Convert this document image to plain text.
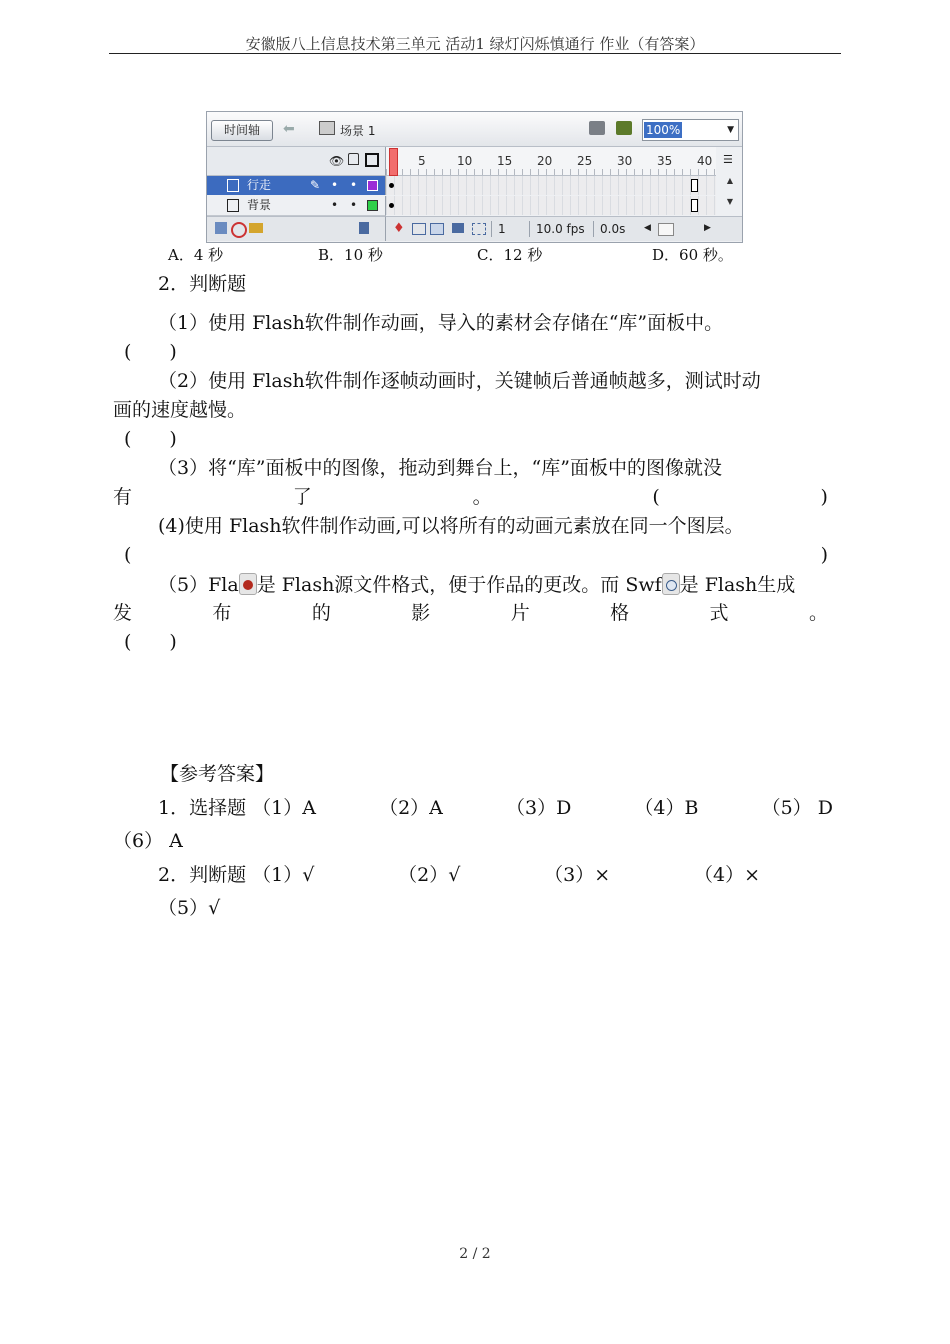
安徽版八上信息技术第三单元 活动1 绿灯闪烁慎通行 作业（有答案）
时间轴	⬅	场景 1	100%	▼
👁	5	10 15 20 25 30 35 40 ☰
行走	✎ • •
背景	• •
▲
▼
♦	1	10.0 fps	0.0s	◀	▶
A．4 秒	B．10 秒	C．12 秒	D．60 秒。
2．判断题
（1）使用 Flash软件制作动画，导入的素材会存储在“库”面板中。
(　　)
（2）使用 Flash软件制作逐帧动画时，关键帧后普通帧越多，测试时动
画的速度越慢。
(　　)
（3）将“库”面板中的图像，拖动到舞台上，“库”面板中的图像就没
有	了	。	(	)
(4)使用 Flash软件制作动画,可以将所有的动画元素放在同一个图层。
(	)
（5）Fla 是 Flash源文件格式，便于作品的更改。而 Swf 是 Flash生成
发	布	的	影	片	格	式	。
(　　)
【参考答案】
1．选择题 （1）A	（2）A	（3）D	（4）B	（5） D
（6） A
2．判断题 （1）√	（2）√	（3）×	（4）×
（5）√
2 / 2
